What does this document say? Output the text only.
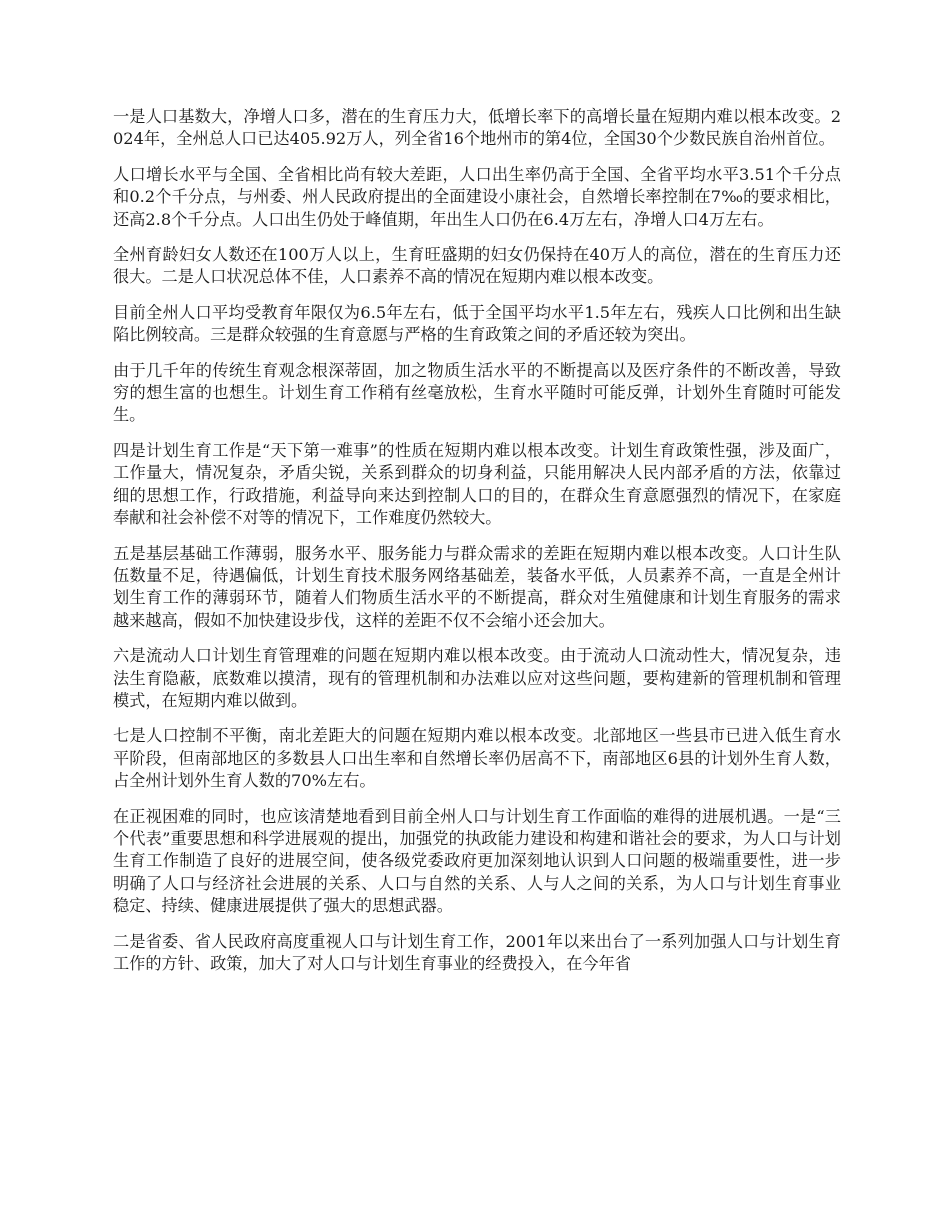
一是人口基数大，净增人口多，潜在的生育压力大，低增长率下的高增长量在短期内难以根本改变。2024年，全州总人口已达405.92万人，列全省16个地州市的第4位，全国30个少数民族自治州首位。

人口增长水平与全国、全省相比尚有较大差距，人口出生率仍高于全国、全省平均水平3.51个千分点和0.2个千分点，与州委、州人民政府提出的全面建设小康社会，自然增长率控制在7‰的要求相比，还高2.8个千分点。人口出生仍处于峰值期，年出生人口仍在6.4万左右，净增人口4万左右。

全州育龄妇女人数还在100万人以上，生育旺盛期的妇女仍保持在40万人的高位，潜在的生育压力还很大。二是人口状况总体不佳，人口素养不高的情况在短期内难以根本改变。

目前全州人口平均受教育年限仅为6.5年左右，低于全国平均水平1.5年左右，残疾人口比例和出生缺陷比例较高。三是群众较强的生育意愿与严格的生育政策之间的矛盾还较为突出。

由于几千年的传统生育观念根深蒂固，加之物质生活水平的不断提高以及医疗条件的不断改善，导致穷的想生富的也想生。计划生育工作稍有丝毫放松，生育水平随时可能反弹，计划外生育随时可能发生。

四是计划生育工作是“天下第一难事”的性质在短期内难以根本改变。计划生育政策性强，涉及面广，工作量大，情况复杂，矛盾尖锐，关系到群众的切身利益，只能用解决人民内部矛盾的方法，依靠过细的思想工作，行政措施，利益导向来达到控制人口的目的，在群众生育意愿强烈的情况下，在家庭奉献和社会补偿不对等的情况下，工作难度仍然较大。

五是基层基础工作薄弱，服务水平、服务能力与群众需求的差距在短期内难以根本改变。人口计生队伍数量不足，待遇偏低，计划生育技术服务网络基础差，装备水平低，人员素养不高，一直是全州计划生育工作的薄弱环节，随着人们物质生活水平的不断提高，群众对生殖健康和计划生育服务的需求越来越高，假如不加快建设步伐，这样的差距不仅不会缩小还会加大。

六是流动人口计划生育管理难的问题在短期内难以根本改变。由于流动人口流动性大，情况复杂，违法生育隐蔽，底数难以摸清，现有的管理机制和办法难以应对这些问题，要构建新的管理机制和管理模式，在短期内难以做到。

七是人口控制不平衡，南北差距大的问题在短期内难以根本改变。北部地区一些县市已进入低生育水平阶段，但南部地区的多数县人口出生率和自然增长率仍居高不下，南部地区6县的计划外生育人数，占全州计划外生育人数的70%左右。

在正视困难的同时，也应该清楚地看到目前全州人口与计划生育工作面临的难得的进展机遇。一是“三个代表”重要思想和科学进展观的提出，加强党的执政能力建设和构建和谐社会的要求，为人口与计划生育工作制造了良好的进展空间，使各级党委政府更加深刻地认识到人口问题的极端重要性，进一步明确了人口与经济社会进展的关系、人口与自然的关系、人与人之间的关系，为人口与计划生育事业稳定、持续、健康进展提供了强大的思想武器。

二是省委、省人民政府高度重视人口与计划生育工作，2001年以来出台了一系列加强人口与计划生育工作的方针、政策，加大了对人口与计划生育事业的经费投入，在今年省
